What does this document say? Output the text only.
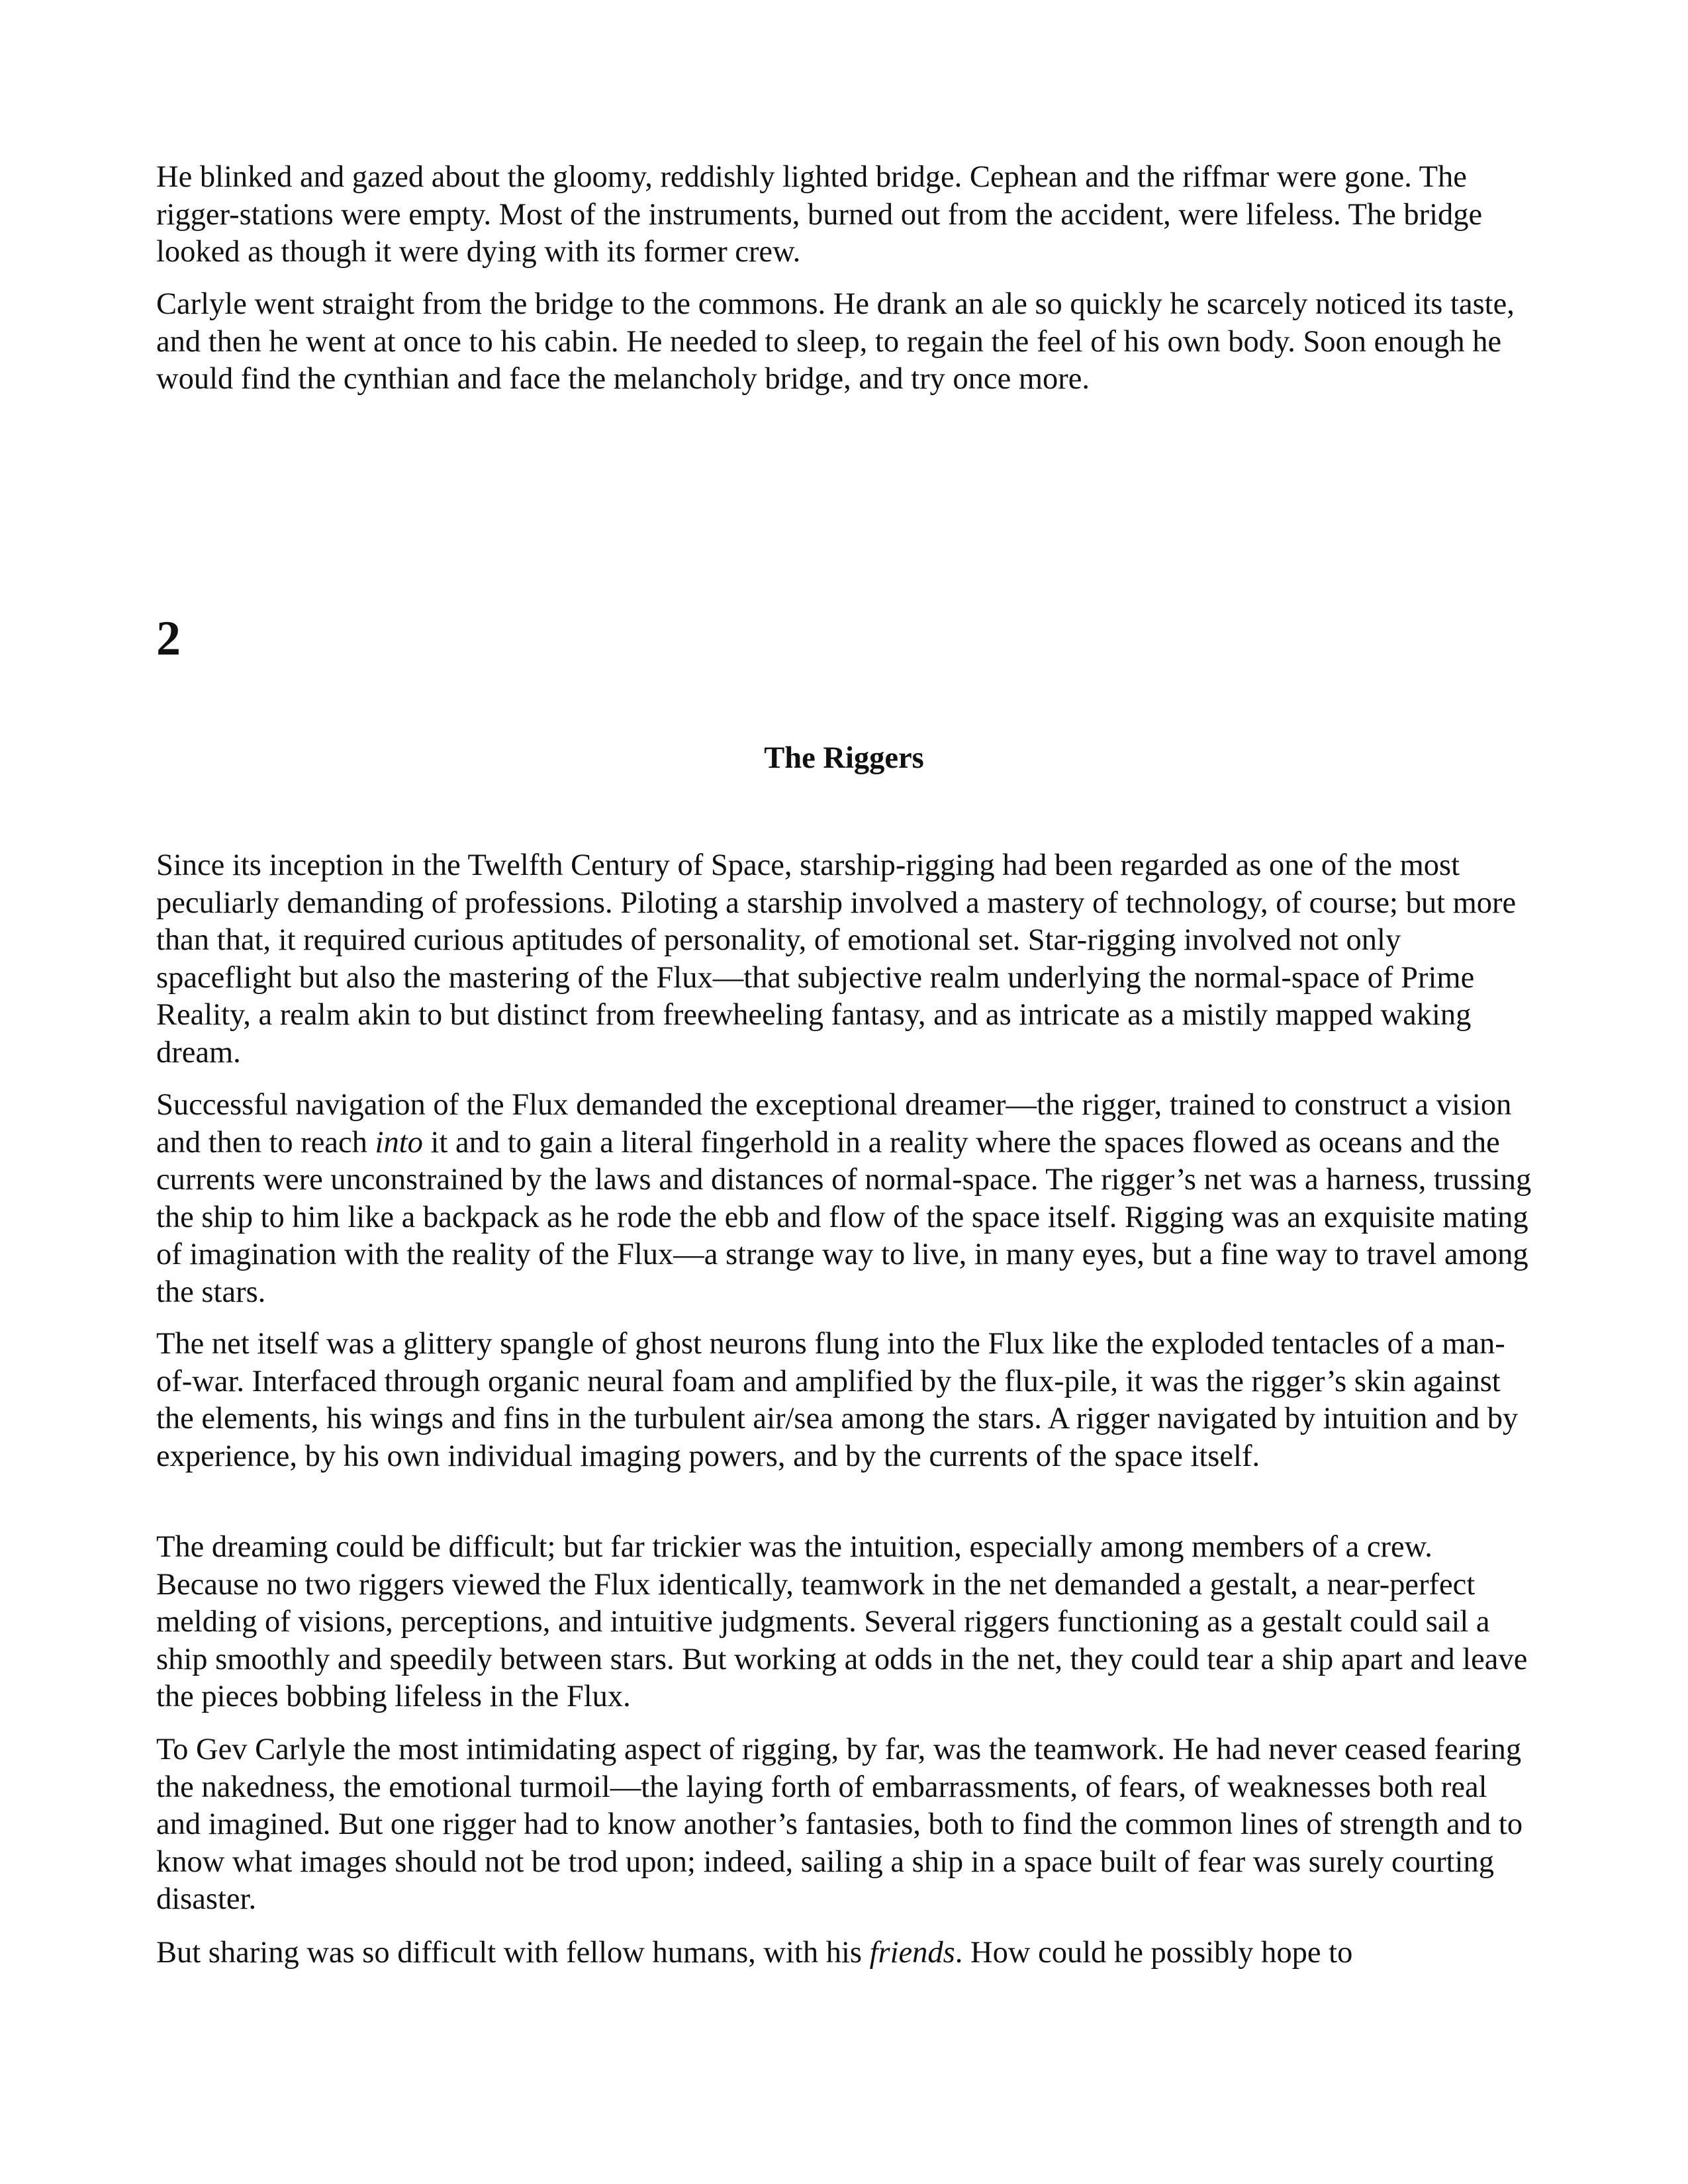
He blinked and gazed about the gloomy, reddishly lighted bridge. Cephean and the riffmar were gone. The rigger-stations were empty. Most of the instruments, burned out from the accident, were lifeless. The bridge looked as though it were dying with its former crew.

Carlyle went straight from the bridge to the commons. He drank an ale so quickly he scarcely noticed its taste, and then he went at once to his cabin. He needed to sleep, to regain the feel of his own body. Soon enough he would find the cynthian and face the melancholy bridge, and try once more.

2
The Riggers

Since its inception in the Twelfth Century of Space, starship-rigging had been regarded as one of the most peculiarly demanding of professions. Piloting a starship involved a mastery of technology, of course; but more than that, it required curious aptitudes of personality, of emotional set. Star-rigging involved not only spaceflight but also the mastering of the Flux—that subjective realm underlying the normal-space of Prime Reality, a realm akin to but distinct from freewheeling fantasy, and as intricate as a mistily mapped waking dream.

Successful navigation of the Flux demanded the exceptional dreamer—the rigger, trained to construct a vision and then to reach into it and to gain a literal fingerhold in a reality where the spaces flowed as oceans and the currents were unconstrained by the laws and distances of normal-space. The rigger’s net was a harness, trussing the ship to him like a backpack as he rode the ebb and flow of the space itself. Rigging was an exquisite mating of imagination with the reality of the Flux—a strange way to live, in many eyes, but a fine way to travel among the stars.

The net itself was a glittery spangle of ghost neurons flung into the Flux like the exploded tentacles of a man-of-war. Interfaced through organic neural foam and amplified by the flux-pile, it was the rigger’s skin against the elements, his wings and fins in the turbulent air/sea among the stars. A rigger navigated by intuition and by experience, by his own individual imaging powers, and by the currents of the space itself.

The dreaming could be difficult; but far trickier was the intuition, especially among members of a crew. Because no two riggers viewed the Flux identically, teamwork in the net demanded a gestalt, a near-perfect melding of visions, perceptions, and intuitive judgments. Several riggers functioning as a gestalt could sail a ship smoothly and speedily between stars. But working at odds in the net, they could tear a ship apart and leave the pieces bobbing lifeless in the Flux.

To Gev Carlyle the most intimidating aspect of rigging, by far, was the teamwork. He had never ceased fearing the nakedness, the emotional turmoil—the laying forth of embarrassments, of fears, of weaknesses both real and imagined. But one rigger had to know another’s fantasies, both to find the common lines of strength and to know what images should not be trod upon; indeed, sailing a ship in a space built of fear was surely courting disaster.

But sharing was so difficult with fellow humans, with his friends. How could he possibly hope to
